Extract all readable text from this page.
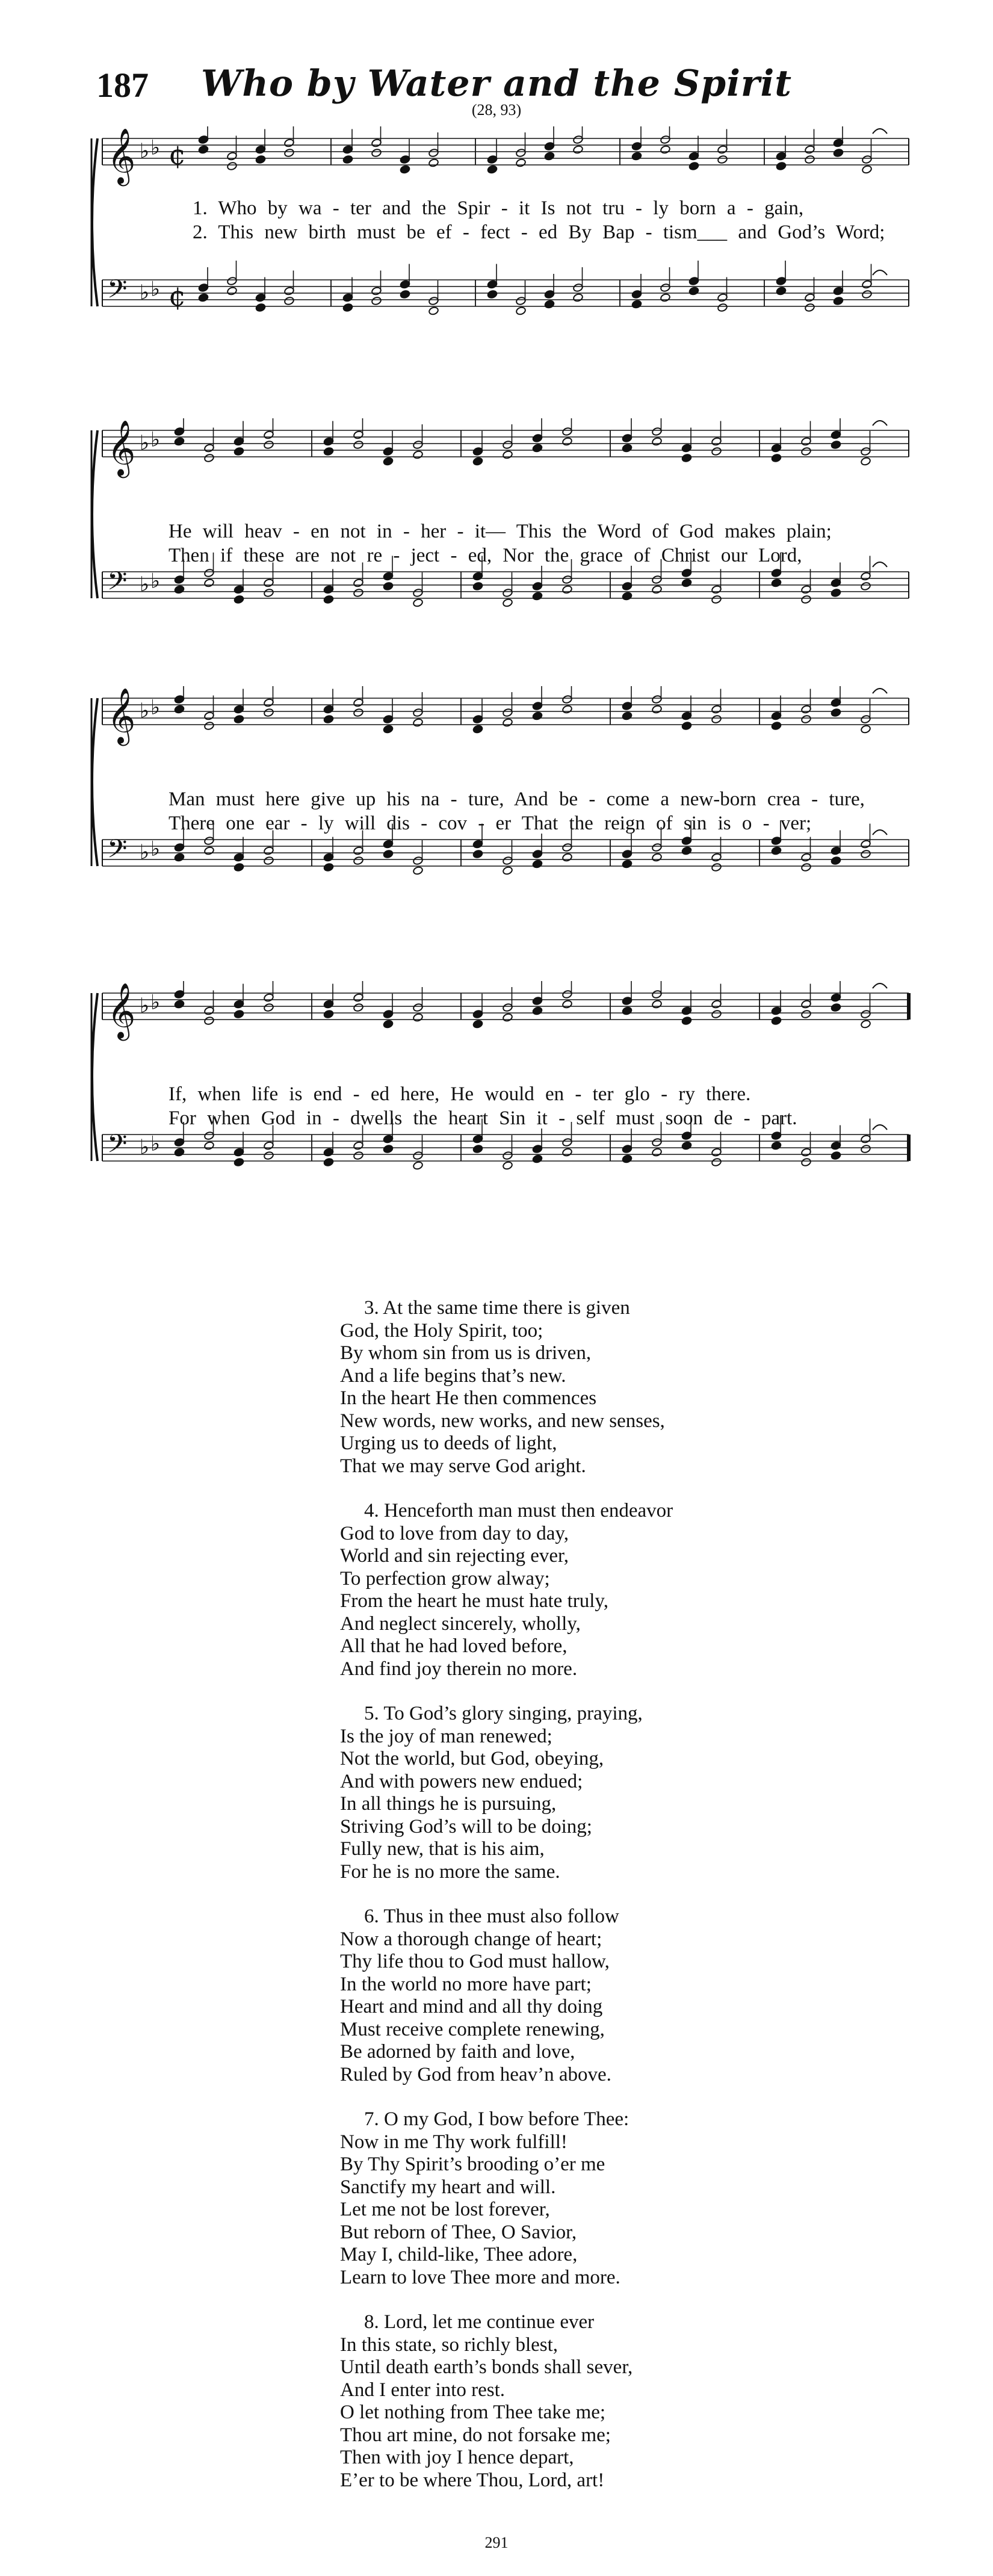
187	Who by Water and the Spirit
(28, 93)
𝄞 ♭ ♭ ¢
𝄢 ♭ ♭ ¢
1. Who by wa - ter and the Spir - it Is not tru - ly born a - gain,
2. This new birth must be ef - fect - ed By Bap - tism___ and God’s Word;
𝄞 ♭ ♭
𝄢 ♭ ♭
He will heav - en not in - her - it— This the Word of God makes plain;
Then if these are not re - ject - ed, Nor the grace of Christ our Lord,
𝄞 ♭ ♭
𝄢 ♭ ♭
Man must here give up his na - ture, And be - come a new-born crea - ture,
There one ear - ly will dis - cov - er That the reign of sin is o - ver;
𝄞 ♭ ♭
𝄢 ♭ ♭
If, when life is end - ed here, He would en - ter glo - ry there.
For when God in - dwells the heart Sin it - self must soon de - part.
3. At the same time there is given
God, the Holy Spirit, too;
By whom sin from us is driven,
And a life begins that’s new.
In the heart He then commences
New words, new works, and new senses,
Urging us to deeds of light,
That we may serve God aright.
4. Henceforth man must then endeavor
God to love from day to day,
World and sin rejecting ever,
To perfection grow alway;
From the heart he must hate truly,
And neglect sincerely, wholly,
All that he had loved before,
And find joy therein no more.
5. To God’s glory singing, praying,
Is the joy of man renewed;
Not the world, but God, obeying,
And with powers new endued;
In all things he is pursuing,
Striving God’s will to be doing;
Fully new, that is his aim,
For he is no more the same.
6. Thus in thee must also follow
Now a thorough change of heart;
Thy life thou to God must hallow,
In the world no more have part;
Heart and mind and all thy doing
Must receive complete renewing,
Be adorned by faith and love,
Ruled by God from heav’n above.
7. O my God, I bow before Thee:
Now in me Thy work fulfill!
By Thy Spirit’s brooding o’er me
Sanctify my heart and will.
Let me not be lost forever,
But reborn of Thee, O Savior,
May I, child-like, Thee adore,
Learn to love Thee more and more.
8. Lord, let me continue ever
In this state, so richly blest,
Until death earth’s bonds shall sever,
And I enter into rest.
O let nothing from Thee take me;
Thou art mine, do not forsake me;
Then with joy I hence depart,
E’er to be where Thou, Lord, art!
291
